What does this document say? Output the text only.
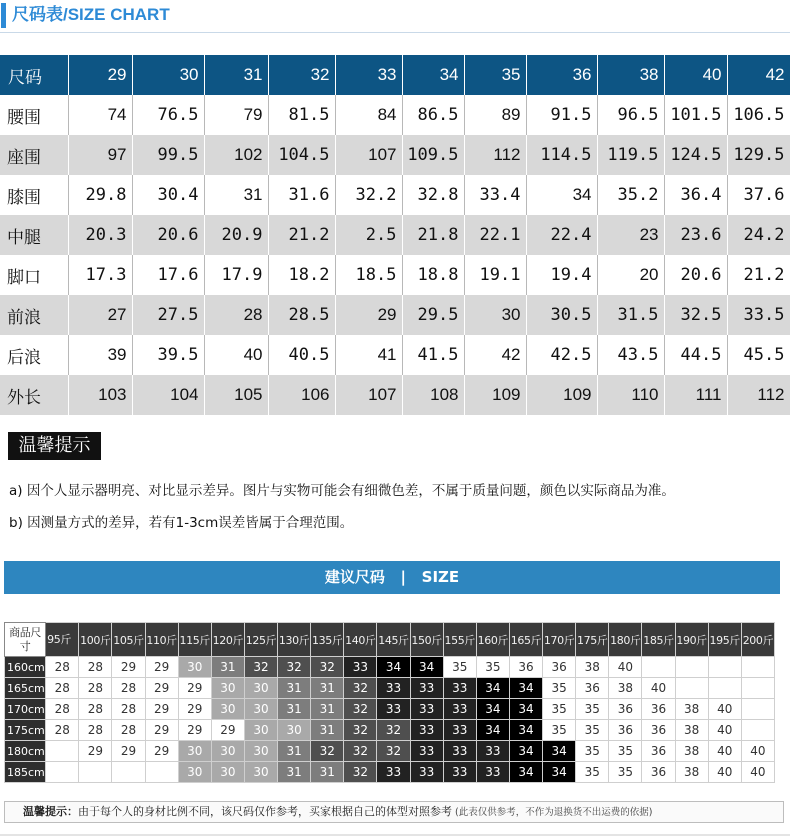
尺码表/SIZE CHART
尺码	29	30	31	32	33	34	35	36	38	40	42
腰围	74	76.5	79	81.5	84	86.5	89	91.5	96.5	101.5	106.5
座围	97	99.5	102	104.5	107	109.5	112	114.5	119.5	124.5	129.5
膝围	29.8	30.4	31	31.6	32.2	32.8	33.4	34	35.2	36.4	37.6
中腿	20.3	20.6	20.9	21.2	2.5	21.8	22.1	22.4	23	23.6	24.2
脚口	17.3	17.6	17.9	18.2	18.5	18.8	19.1	19.4	20	20.6	21.2
前浪	27	27.5	28	28.5	29	29.5	30	30.5	31.5	32.5	33.5
后浪	39	39.5	40	40.5	41	41.5	42	42.5	43.5	44.5	45.5
外长	103	104	105	106	107	108	109	109	110	111	112
温馨提示
a) 因个人显示器明亮、对比显示差异。图片与实物可能会有细微色差，不属于质量问题，颜色以实际商品为准。
b) 因测量方式的差异，若有1-3cm误差皆属于合理范围。
建议尺码   |   SIZE
商品尺寸	95斤	100斤	105斤	110斤	115斤	120斤	125斤	130斤	135斤	140斤	145斤	150斤	155斤	160斤	165斤	170斤	175斤	180斤	185斤	190斤	195斤	200斤
160cm	28	28	29	29	30	31	32	32	32	33	34	34	35	35	36	36	38	40				
165cm	28	28	28	29	29	30	30	31	31	32	33	33	33	34	34	35	36	38	40			
170cm	28	28	28	29	29	30	30	31	31	32	33	33	33	34	34	35	35	36	36	38	40	
175cm	28	28	28	29	29	29	30	30	31	32	32	33	33	34	34	35	35	36	36	38	40	
180cm		29	29	29	30	30	30	31	32	32	32	33	33	33	34	34	35	35	36	38	40	40
185cm					30	30	30	31	31	32	33	33	33	33	34	34	35	35	36	38	40	40
温馨提示：由于每个人的身材比例不同，该尺码仅作参考，买家根据自己的体型对照参考 (此表仅供参考，不作为退换货不出运费的依据)
